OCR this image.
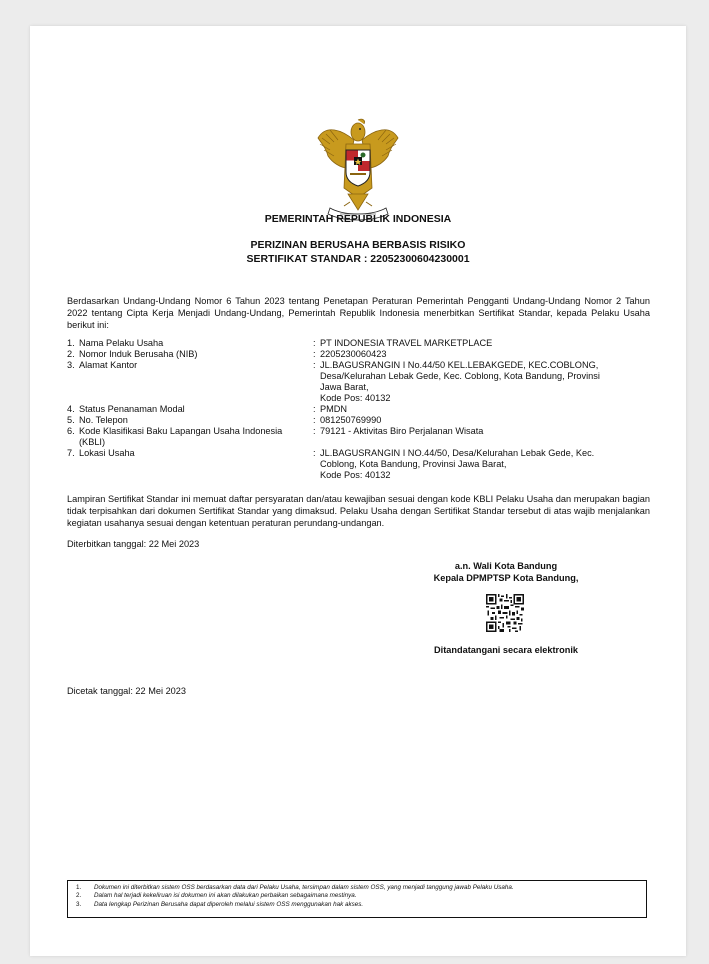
PEMERINTAH REPUBLIK INDONESIA
PERIZINAN BERUSAHA BERBASIS RISIKO
SERTIFIKAT STANDAR : 22052300604230001
Berdasarkan Undang-Undang Nomor 6 Tahun 2023 tentang Penetapan Peraturan Pemerintah Pengganti Undang-Undang Nomor 2 Tahun 2022 tentang Cipta Kerja Menjadi Undang-Undang, Pemerintah Republik Indonesia menerbitkan Sertifikat Standar, kepada Pelaku Usaha berikut ini:
1. Nama Pelaku Usaha	: PT INDONESIA TRAVEL MARKETPLACE
2. Nomor Induk Berusaha (NIB)	: 2205230060423
3. Alamat Kantor	: JL.BAGUSRANGIN I No.44/50 KEL.LEBAKGEDE, KEC.COBLONG,
Desa/Kelurahan Lebak Gede, Kec. Coblong, Kota Bandung, Provinsi
Jawa Barat,
Kode Pos: 40132
4. Status Penanaman Modal	: PMDN
5. No. Telepon	: 081250769990
6. Kode Klasifikasi Baku Lapangan Usaha Indonesia	: 79121 - Aktivitas Biro Perjalanan Wisata
(KBLI)
7. Lokasi Usaha	: JL.BAGUSRANGIN I NO.44/50, Desa/Kelurahan Lebak Gede, Kec.
Coblong, Kota Bandung, Provinsi Jawa Barat,
Kode Pos: 40132
Lampiran Sertifikat Standar ini memuat daftar persyaratan dan/atau kewajiban sesuai dengan kode KBLI Pelaku Usaha dan merupakan bagian tidak terpisahkan dari dokumen Sertifikat Standar yang dimaksud. Pelaku Usaha dengan Sertifikat Standar tersebut di atas wajib menjalankan kegiatan usahanya sesuai dengan ketentuan peraturan perundang-undangan.
Diterbitkan tanggal: 22 Mei 2023
a.n. Wali Kota Bandung
Kepala DPMPTSP Kota Bandung,
Ditandatangani secara elektronik
Dicetak tanggal: 22 Mei 2023
1. Dokumen ini diterbitkan sistem OSS berdasarkan data dari Pelaku Usaha, tersimpan dalam sistem OSS, yang menjadi tanggung jawab Pelaku Usaha.
2. Dalam hal terjadi kekeliruan isi dokumen ini akan dilakukan perbaikan sebagaimana mestinya.
3. Data lengkap Perizinan Berusaha dapat diperoleh melalui sistem OSS menggunakan hak akses.
